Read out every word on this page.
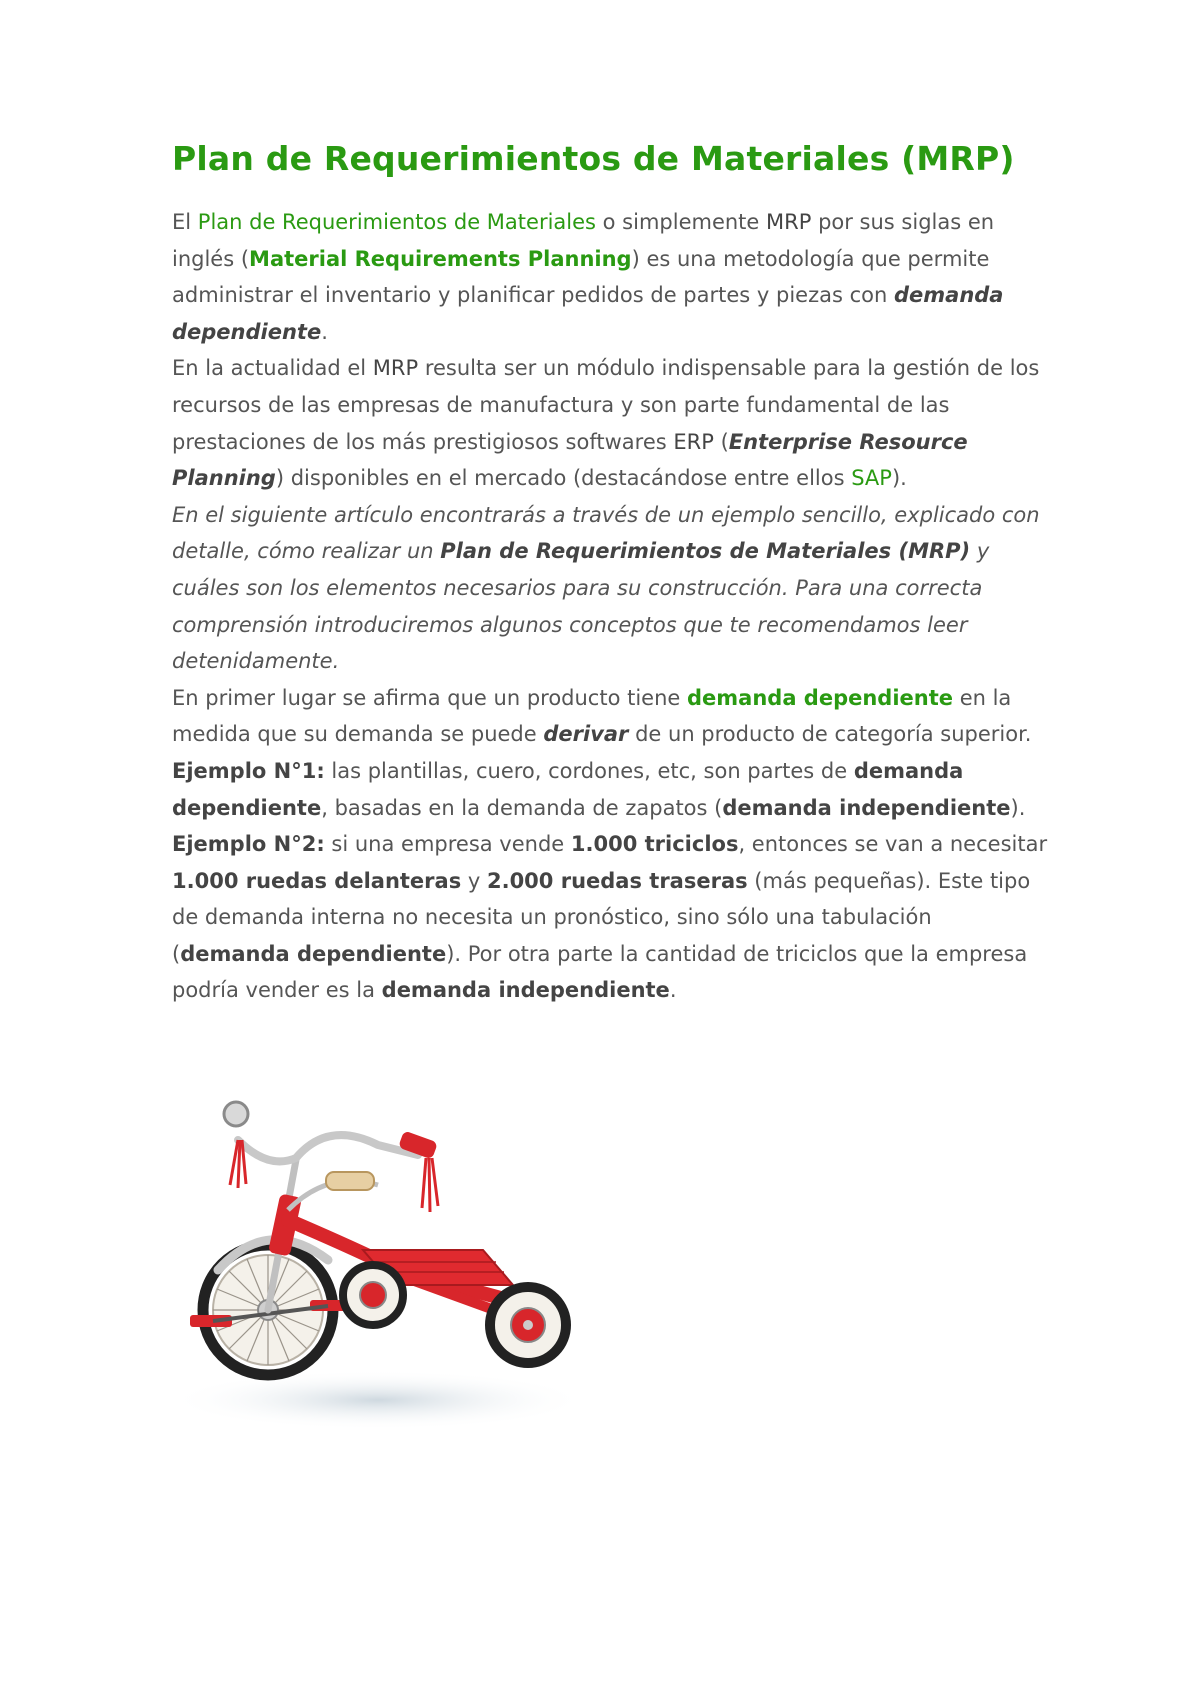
Plan de Requerimientos de Materiales (MRP)

El Plan de Requerimientos de Materiales o simplemente MRP por sus siglas en inglés (Material Requirements Planning) es una metodología que permite administrar el inventario y planificar pedidos de partes y piezas con demanda dependiente.

En la actualidad el MRP resulta ser un módulo indispensable para la gestión de los recursos de las empresas de manufactura y son parte fundamental de las prestaciones de los más prestigiosos softwares ERP (Enterprise Resource Planning) disponibles en el mercado (destacándose entre ellos SAP).

En el siguiente artículo encontrarás a través de un ejemplo sencillo, explicado con detalle, cómo realizar un Plan de Requerimientos de Materiales (MRP) y cuáles son los elementos necesarios para su construcción. Para una correcta comprensión introduciremos algunos conceptos que te recomendamos leer detenidamente.

En primer lugar se afirma que un producto tiene demanda dependiente en la medida que su demanda se puede derivar de un producto de categoría superior.

Ejemplo N°1: las plantillas, cuero, cordones, etc, son partes de demanda dependiente, basadas en la demanda de zapatos (demanda independiente).

Ejemplo N°2: si una empresa vende 1.000 triciclos, entonces se van a necesitar 1.000 ruedas delanteras y 2.000 ruedas traseras (más pequeñas). Este tipo de demanda interna no necesita un pronóstico, sino sólo una tabulación (demanda dependiente). Por otra parte la cantidad de triciclos que la empresa podría vender es la demanda independiente.
